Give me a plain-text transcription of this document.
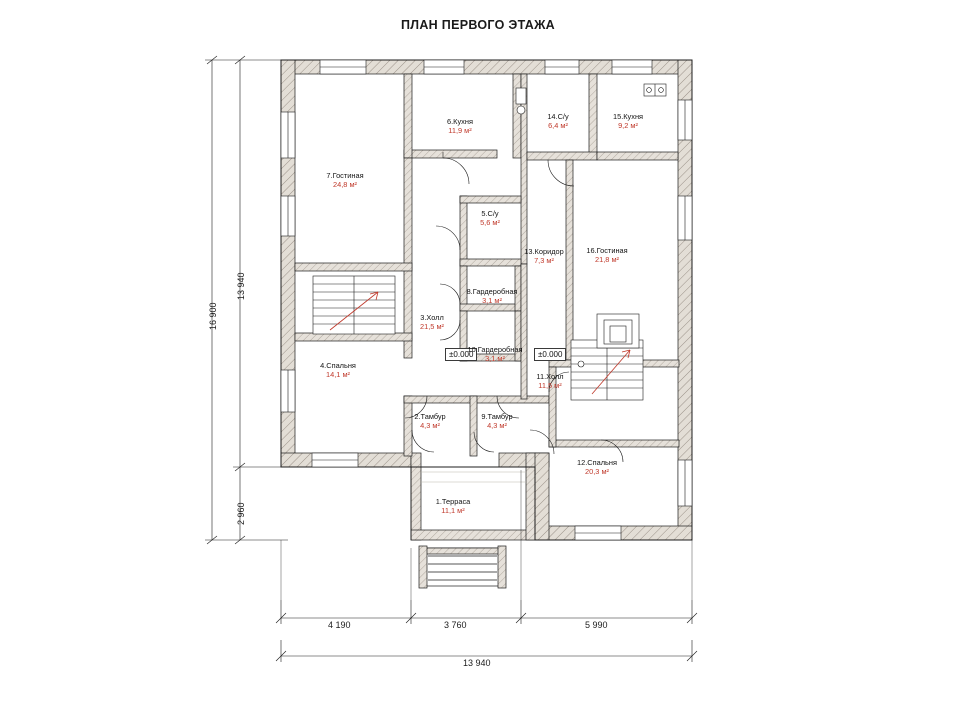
ПЛАН ПЕРВОГО ЭТАЖА
13 940
16 900
2 960
4 190	3 760	5 990
13 940
±0.000	±0.000
1.Терраса
11,1 м²
2.Тамбур
4,3 м²
3.Холл
21,5 м²
4.Спальня
14,1 м²
5.С/у
5,6 м²
6.Кухня
11,9 м²
7.Гостиная
24,8 м²
8.Гардеробная
3,1 м²
9.Тамбур
4,3 м²
10.Гардеробная
3,1 м²
11.Холл
11,5 м²
12.Спальня
20,3 м²
13.Коридор
7,3 м²
14.С/у
6,4 м²
15.Кухня
9,2 м²
16.Гостиная
21,8 м²
